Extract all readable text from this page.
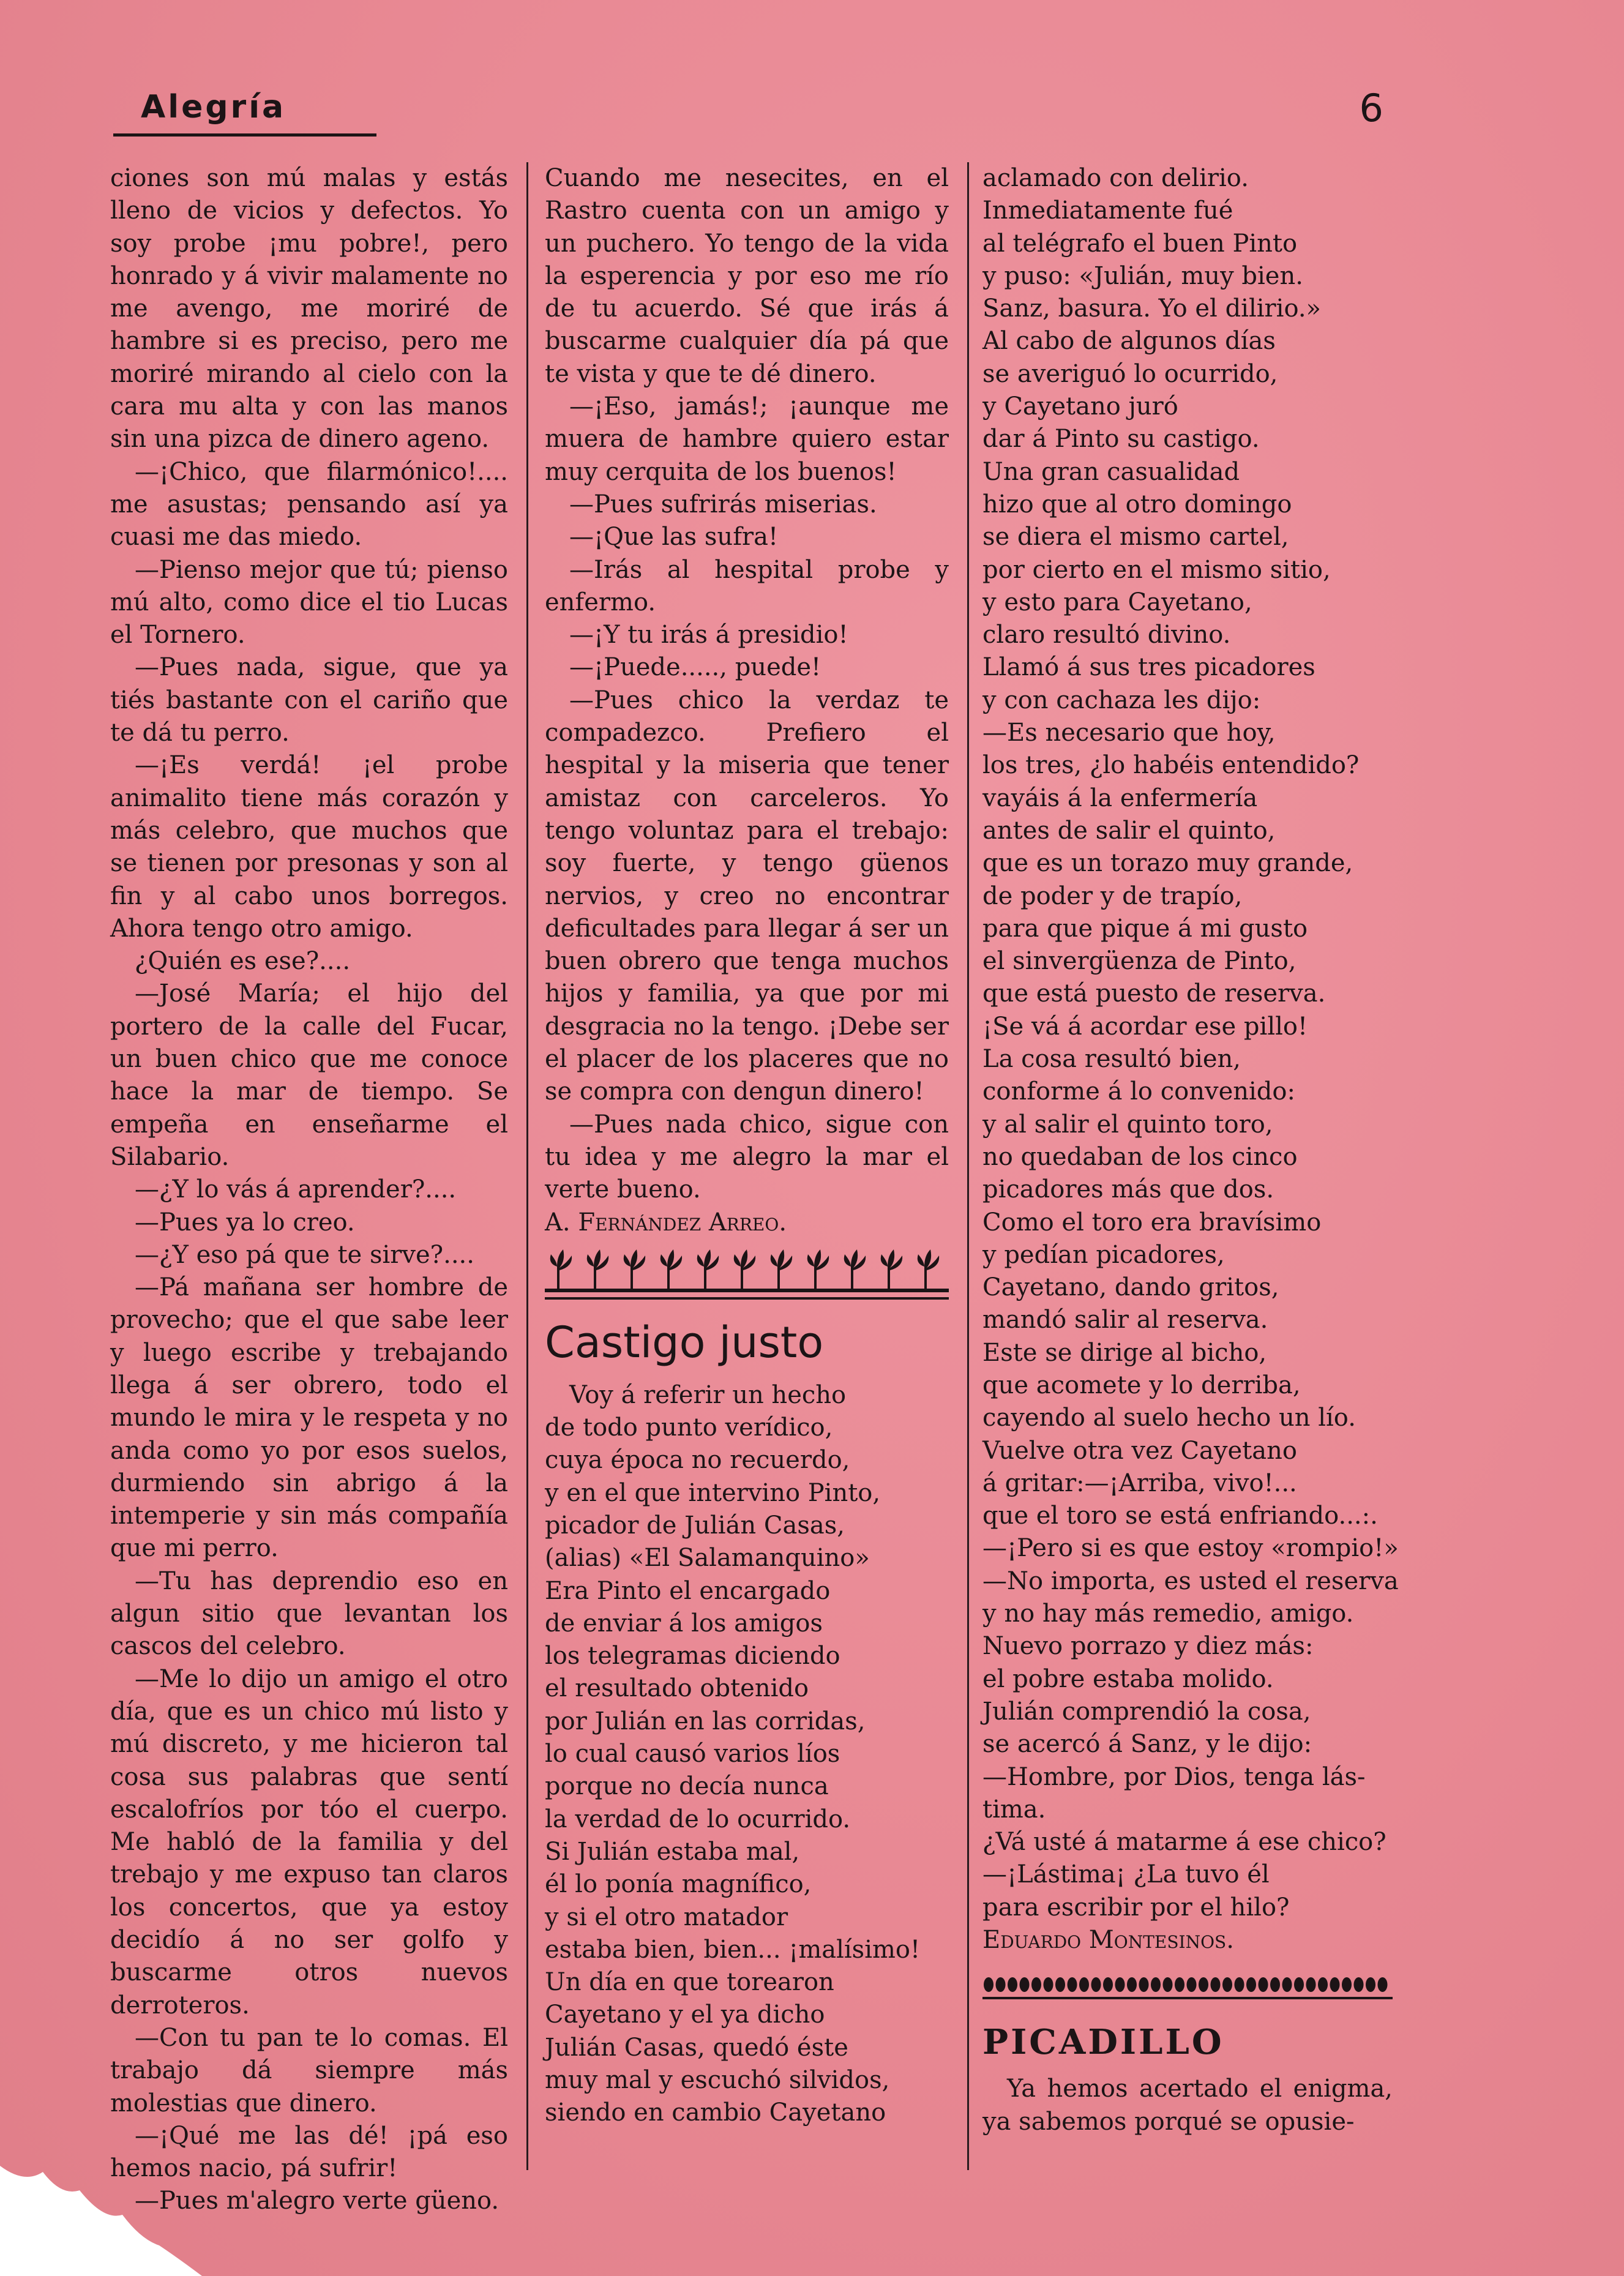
Alegría	6

ciones son mú malas y estás lleno de vicios y defectos. Yo soy probe ¡mu pobre!, pero honrado y á vivir malamente no me avengo, me moriré de hambre si es preciso, pero me moriré mirando al cielo con la cara mu alta y con las manos sin una pizca de dinero ageno.

—¡Chico, que filarmónico!.... me asustas; pensando así ya cuasi me das miedo.

—Pienso mejor que tú; pienso mú alto, como dice el tio Lucas el Tornero.

—Pues nada, sigue, que ya tiés bastante con el cariño que te dá tu perro.

—¡Es verdá! ¡el probe animalito tiene más corazón y más celebro, que muchos que se tienen por presonas y son al fin y al cabo unos borregos. Ahora tengo otro amigo.

¿Quién es ese?....

—José María; el hijo del portero de la calle del Fucar, un buen chico que me conoce hace la mar de tiempo. Se empeña en enseñarme el Silabario.

—¿Y lo vás á aprender?....

—Pues ya lo creo.

—¿Y eso pá que te sirve?....

—Pá mañana ser hombre de provecho; que el que sabe leer y luego escribe y trebajando llega á ser obrero, todo el mundo le mira y le respeta y no anda como yo por esos suelos, durmiendo sin abrigo á la intemperie y sin más compañía que mi perro.

—Tu has deprendio eso en algun sitio que levantan los cascos del celebro.

—Me lo dijo un amigo el otro día, que es un chico mú listo y mú discreto, y me hicieron tal cosa sus palabras que sentí escalofríos por tóo el cuerpo. Me habló de la familia y del trebajo y me expuso tan claros los concertos, que ya estoy decidío á no ser golfo y buscarme otros nuevos derroteros.

—Con tu pan te lo comas. El trabajo dá siempre más molestias que dinero.

—¡Qué me las dé! ¡pá eso hemos nacio, pá sufrir!

—Pues m'alegro verte güeno.

Cuando me nesecites, en el Rastro cuenta con un amigo y un puchero. Yo tengo de la vida la esperencia y por eso me río de tu acuerdo. Sé que irás á buscarme cualquier día pá que te vista y que te dé dinero.

—¡Eso, jamás!; ¡aunque me muera de hambre quiero estar muy cerquita de los buenos!

—Pues sufrirás miserias.

—¡Que las sufra!

—Irás al hespital probe y enfermo.

—¡Y tu irás á presidio!

—¡Puede....., puede!

—Pues chico la verdaz te compadezco. Prefiero el hespital y la miseria que tener amistaz con carceleros. Yo tengo voluntaz para el trebajo: soy fuerte, y tengo güenos nervios, y creo no encontrar deficultades para llegar á ser un buen obrero que tenga muchos hijos y familia, ya que por mi desgracia no la tengo. ¡Debe ser el placer de los placeres que no se compra con dengun dinero!

—Pues nada chico, sigue con tu idea y me alegro la mar el verte bueno.

A. Fernández Arreo.

Castigo justo

Voy á referir un hecho

de todo punto verídico,

cuya época no recuerdo,

y en el que intervino Pinto,

picador de Julián Casas,

(alias) «El Salamanquino»

Era Pinto el encargado

de enviar á los amigos

los telegramas diciendo

el resultado obtenido

por Julián en las corridas,

lo cual causó varios líos

porque no decía nunca

la verdad de lo ocurrido.

Si Julián estaba mal,

él lo ponía magnífico,

y si el otro matador

estaba bien, bien... ¡malísimo!

Un día en que torearon

Cayetano y el ya dicho

Julián Casas, quedó éste

muy mal y escuchó silvidos,

siendo en cambio Cayetano

aclamado con delirio.

Inmediatamente fué

al telégrafo el buen Pinto

y puso: «Julián, muy bien.

Sanz, basura. Yo el dilirio.»

Al cabo de algunos días

se averiguó lo ocurrido,

y Cayetano juró

dar á Pinto su castigo.

Una gran casualidad

hizo que al otro domingo

se diera el mismo cartel,

por cierto en el mismo sitio,

y esto para Cayetano,

claro resultó divino.

Llamó á sus tres picadores

y con cachaza les dijo:

—Es necesario que hoy,

los tres, ¿lo habéis entendido?

vayáis á la enfermería

antes de salir el quinto,

que es un torazo muy grande,

de poder y de trapío,

para que pique á mi gusto

el sinvergüenza de Pinto,

que está puesto de reserva.

¡Se vá á acordar ese pillo!

La cosa resultó bien,

conforme á lo convenido:

y al salir el quinto toro,

no quedaban de los cinco

picadores más que dos.

Como el toro era bravísimo

y pedían picadores,

Cayetano, dando gritos,

mandó salir al reserva.

Este se dirige al bicho,

que acomete y lo derriba,

cayendo al suelo hecho un lío.

Vuelve otra vez Cayetano

á gritar:—¡Arriba, vivo!...

que el toro se está enfriando...:.

—¡Pero si es que estoy «rompio!»

—No importa, es usted el reserva

y no hay más remedio, amigo.

Nuevo porrazo y diez más:

el pobre estaba molido.

Julián comprendió la cosa,

se acercó á Sanz, y le dijo:

—Hombre, por Dios, tenga lás-

tima.

¿Vá usté á matarme á ese chico?

—¡Lástima¡ ¿La tuvo él

para escribir por el hilo?

Eduardo Montesinos.

PICADILLO

Ya hemos acertado el enigma, ya sabemos porqué se opusie-
